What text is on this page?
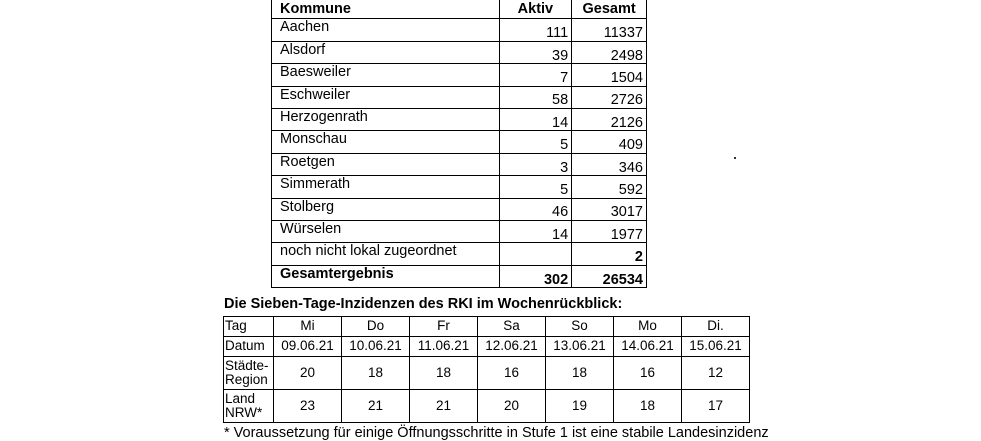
Kommune	Aktiv	Gesamt
Aachen	111	11337
Alsdorf	39	2498
Baesweiler	7	1504
Eschweiler	58	2726
Herzogenrath	14	2126
Monschau	5	409
Roetgen	3	346
Simmerath	5	592
Stolberg	46	3017
Würselen	14	1977
noch nicht lokal zugeordnet		2
Gesamtergebnis	302	26534
Die Sieben-Tage-Inzidenzen des RKI im Wochenrückblick:
Tag	Mi	Do	Fr	Sa	So	Mo	Di.
Datum	09.06.21	10.06.21	11.06.21	12.06.21	13.06.21	14.06.21	15.06.21
Städte-
Region	20	18	18	16	18	16	12
Land
NRW*	23	21	21	20	19	18	17
* Voraussetzung für einige Öffnungsschritte in Stufe 1 ist eine stabile Landesinzidenz
